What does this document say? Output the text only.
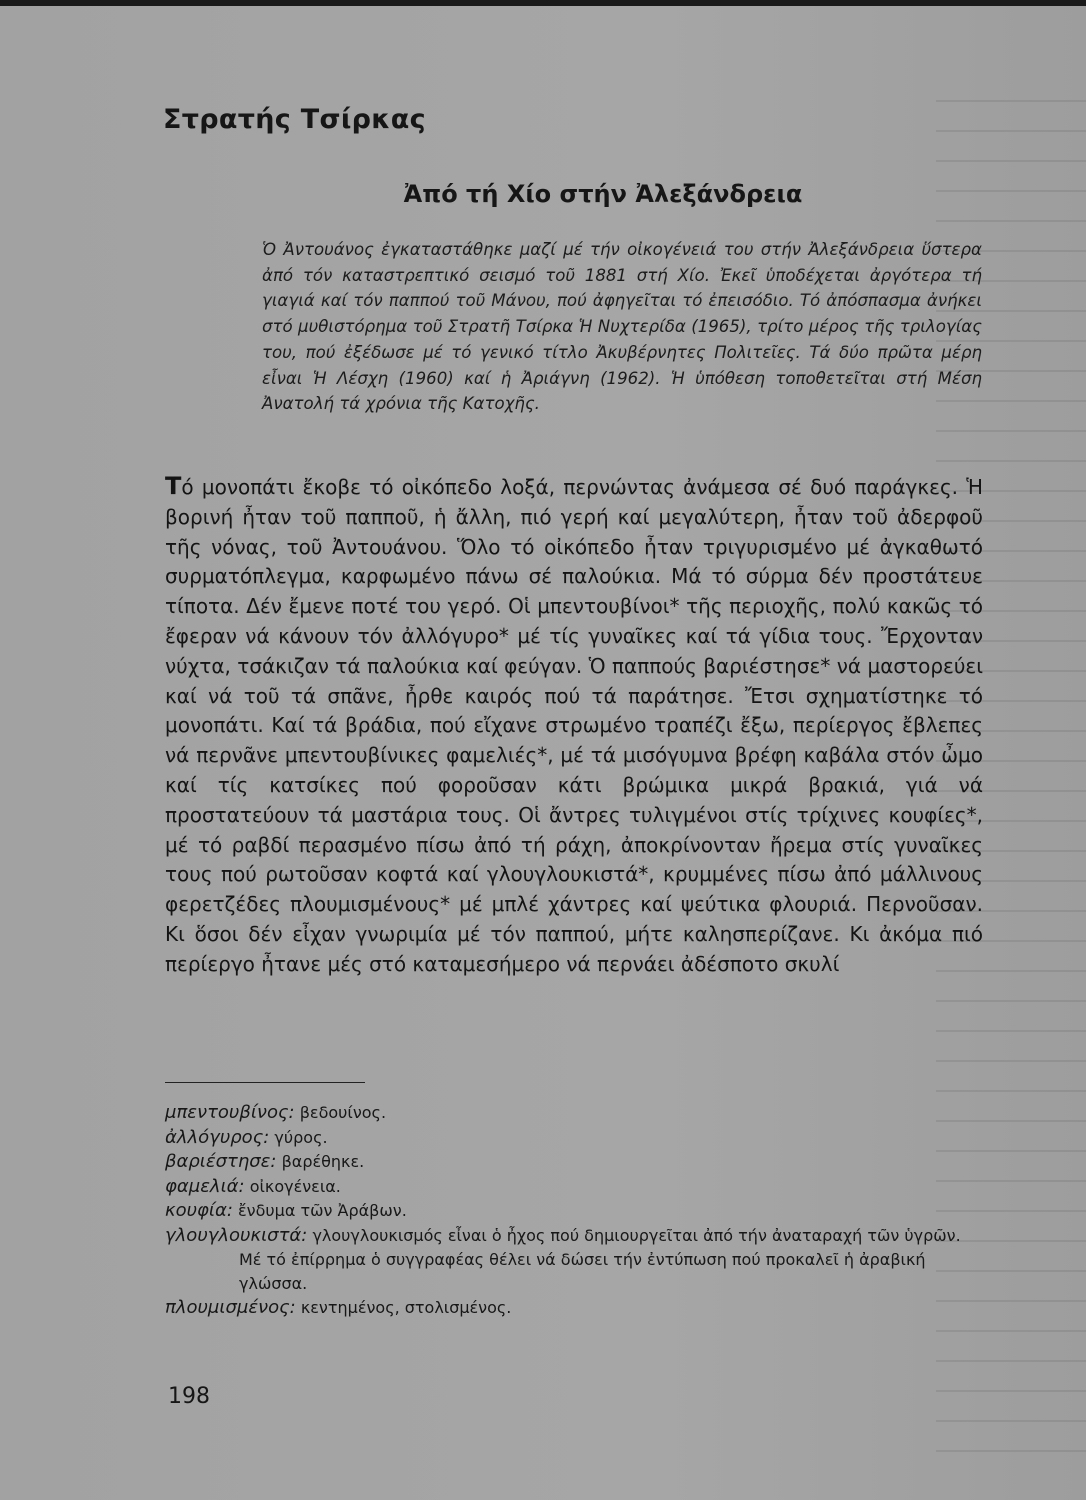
Στρατής Τσίρκας
Ἀπό τή Χίο στήν Ἀλεξάνδρεια
Ὁ Ἀντουάνος ἐγκαταστάθηκε μαζί μέ τήν οἰκογένειά του στήν Ἀλεξάνδρεια ὕστερα ἀπό τόν καταστρεπτικό σεισμό τοῦ 1881 στή Χίο. Ἐκεῖ ὑποδέχεται ἀργότερα τή γιαγιά καί τόν παππού τοῦ Μάνου, πού ἀφηγεῖται τό ἐπεισόδιο. Τό ἀπόσπασμα ἀνήκει στό μυθιστόρημα τοῦ Στρατῆ Τσίρκα Ἡ Νυχτερίδα (1965), τρίτο μέρος τῆς τριλογίας του, πού ἐξέδωσε μέ τό γενικό τίτλο Ἀκυβέρνητες Πολιτεῖες. Τά δύο πρῶτα μέρη εἶναι Ἡ Λέσχη (1960) καί ἡ Ἀριάγνη (1962). Ἡ ὑπόθεση τοποθετεῖται στή Μέση Ἀνατολή τά χρόνια τῆς Κατοχῆς.
Τό μονοπάτι ἔκοβε τό οἰκόπεδο λοξά, περνώντας ἀνάμεσα σέ δυό παράγκες. Ἡ βορινή ἦταν τοῦ παπποῦ, ἡ ἄλλη, πιό γερή καί μεγαλύτερη, ἦταν τοῦ ἀδερφοῦ τῆς νόνας, τοῦ Ἀντουάνου. Ὅλο τό οἰκόπεδο ἦταν τριγυρισμένο μέ ἀγκαθωτό συρματόπλεγμα, καρφωμένο πάνω σέ παλούκια. Μά τό σύρμα δέν προστάτευε τίποτα. Δέν ἔμενε ποτέ του γερό. Οἱ μπεντουβίνοι* τῆς περιοχῆς, πολύ κακῶς τό ἔφεραν νά κάνουν τόν ἀλλόγυρο* μέ τίς γυναῖκες καί τά γίδια τους. Ἔρχονταν νύχτα, τσάκιζαν τά παλούκια καί φεύγαν. Ὁ παππούς βαριέστησε* νά μαστορεύει καί νά τοῦ τά σπᾶνε, ἦρθε καιρός πού τά παράτησε. Ἔτσι σχηματίστηκε τό μονοπάτι. Καί τά βράδια, πού εἴχανε στρωμένο τραπέζι ἔξω, περίεργος ἔβλεπες νά περνᾶνε μπεντουβίνικες φαμελιές*, μέ τά μισόγυμνα βρέφη καβάλα στόν ὦμο καί τίς κατσίκες πού φοροῦσαν κάτι βρώμικα μικρά βρακιά, γιά νά προστατεύουν τά μαστάρια τους. Οἱ ἄντρες τυλιγμένοι στίς τρίχινες κουφίες*, μέ τό ραβδί περασμένο πίσω ἀπό τή ράχη, ἀποκρίνονταν ἤρεμα στίς γυναῖκες τους πού ρωτοῦσαν κοφτά καί γλουγλουκιστά*, κρυμμένες πίσω ἀπό μάλλινους φερετζέδες πλουμισμένους* μέ μπλέ χάντρες καί ψεύτικα φλουριά. Περνοῦσαν. Κι ὅσοι δέν εἶχαν γνωριμία μέ τόν παππού, μήτε καλησπερίζανε. Κι ἀκόμα πιό περίεργο ἦτανε μές στό καταμεσήμερο νά περνάει ἀδέσποτο σκυλί

μπεντουβίνος: βεδουίνος.

ἀλλόγυρος: γύρος.

βαριέστησε: βαρέθηκε.

φαμελιά: οἰκογένεια.

κουφία: ἔνδυμα τῶν Ἀράβων.

γλουγλουκιστά: γλουγλουκισμός εἶναι ὁ ἦχος πού δημιουργεῖται ἀπό τήν ἀναταραχή τῶν ὑγρῶν. Μέ τό ἐπίρρημα ὁ συγγραφέας θέλει νά δώσει τήν ἐντύπωση πού προκαλεῖ ἡ ἀραβική γλώσσα.

πλουμισμένος: κεντημένος, στολισμένος.

198
